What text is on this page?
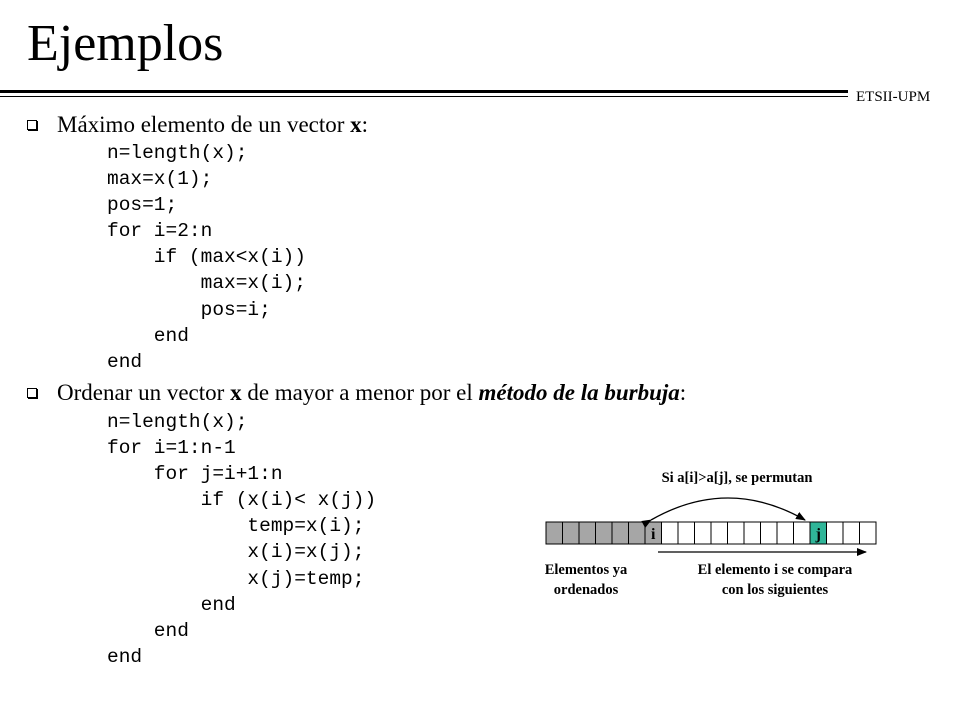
Ejemplos
ETSII-UPM
Máximo elemento de un vector x:
n=length(x);
max=x(1);
pos=1;
for i=2:n
if (max<x(i))
max=x(i);
pos=i;
end
end
Ordenar un vector x de mayor a menor por el método de la burbuja:
n=length(x);
for i=1:n-1
for j=i+1:n
if (x(i)< x(j))
temp=x(i);
x(i)=x(j);
x(j)=temp;
end
end
end
i	j
Si a[i]>a[j], se permutan
Elementos ya
ordenados
El elemento i se compara
con los siguientes
